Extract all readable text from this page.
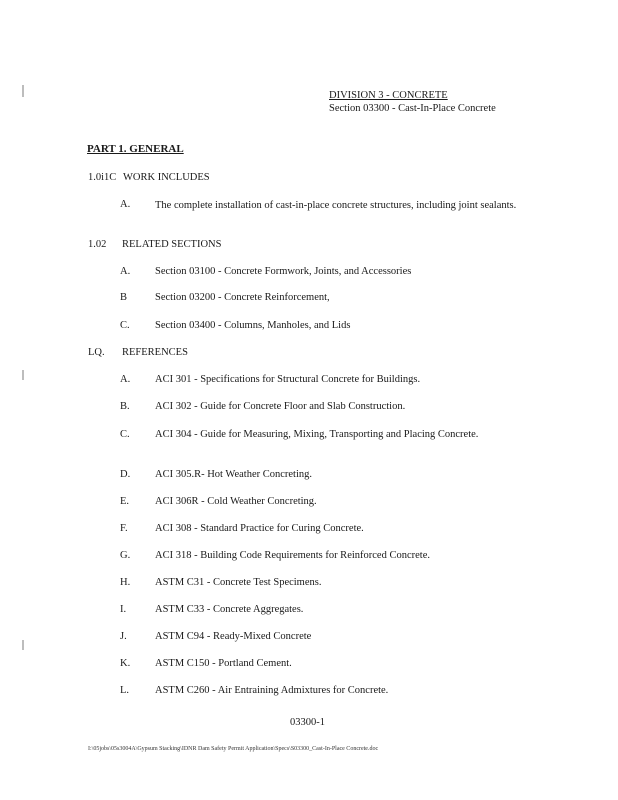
DIVISION 3 - CONCRETE
Section 03300 - Cast-In-Place Concrete
PART 1. GENERAL
1.0i1C WORK INCLUDES
A. The complete installation of cast-in-place concrete structures, including joint sealants.
1.02 RELATED SECTIONS
A. Section 03100 - Concrete Formwork, Joints, and Accessories
B	Section 03200 - Concrete Reinforcement,
C. Section 03400 - Columns, Manholes, and Lids
LQ. REFERENCES
A. ACI 301 - Specifications for Structural Concrete for Buildings.
B. ACI 302 - Guide for Concrete Floor and Slab Construction.
C. ACI 304 - Guide for Measuring, Mixing, Transporting and Placing Concrete.
D. ACI 305.R- Hot Weather Concreting.
E. ACI 306R - Cold Weather Concreting.
F.	ACI 308 - Standard Practice for Curing Concrete.
G. ACI 318 - Building Code Requirements for Reinforced Concrete.
H. ASTM C31 - Concrete Test Specimens.
I.	ASTM C33 - Concrete Aggregates.
J.	ASTM C94 - Ready-Mixed Concrete
K. ASTM C150 - Portland Cement.
L. ASTM C260 - Air Entraining Admixtures for Concrete.
03300-1
I:\05jobs\05s3004A\Gypsum Stacking\IDNR Dam Safety Permit Application\Specs\S03300_Cast-In-Place Concrete.doc
